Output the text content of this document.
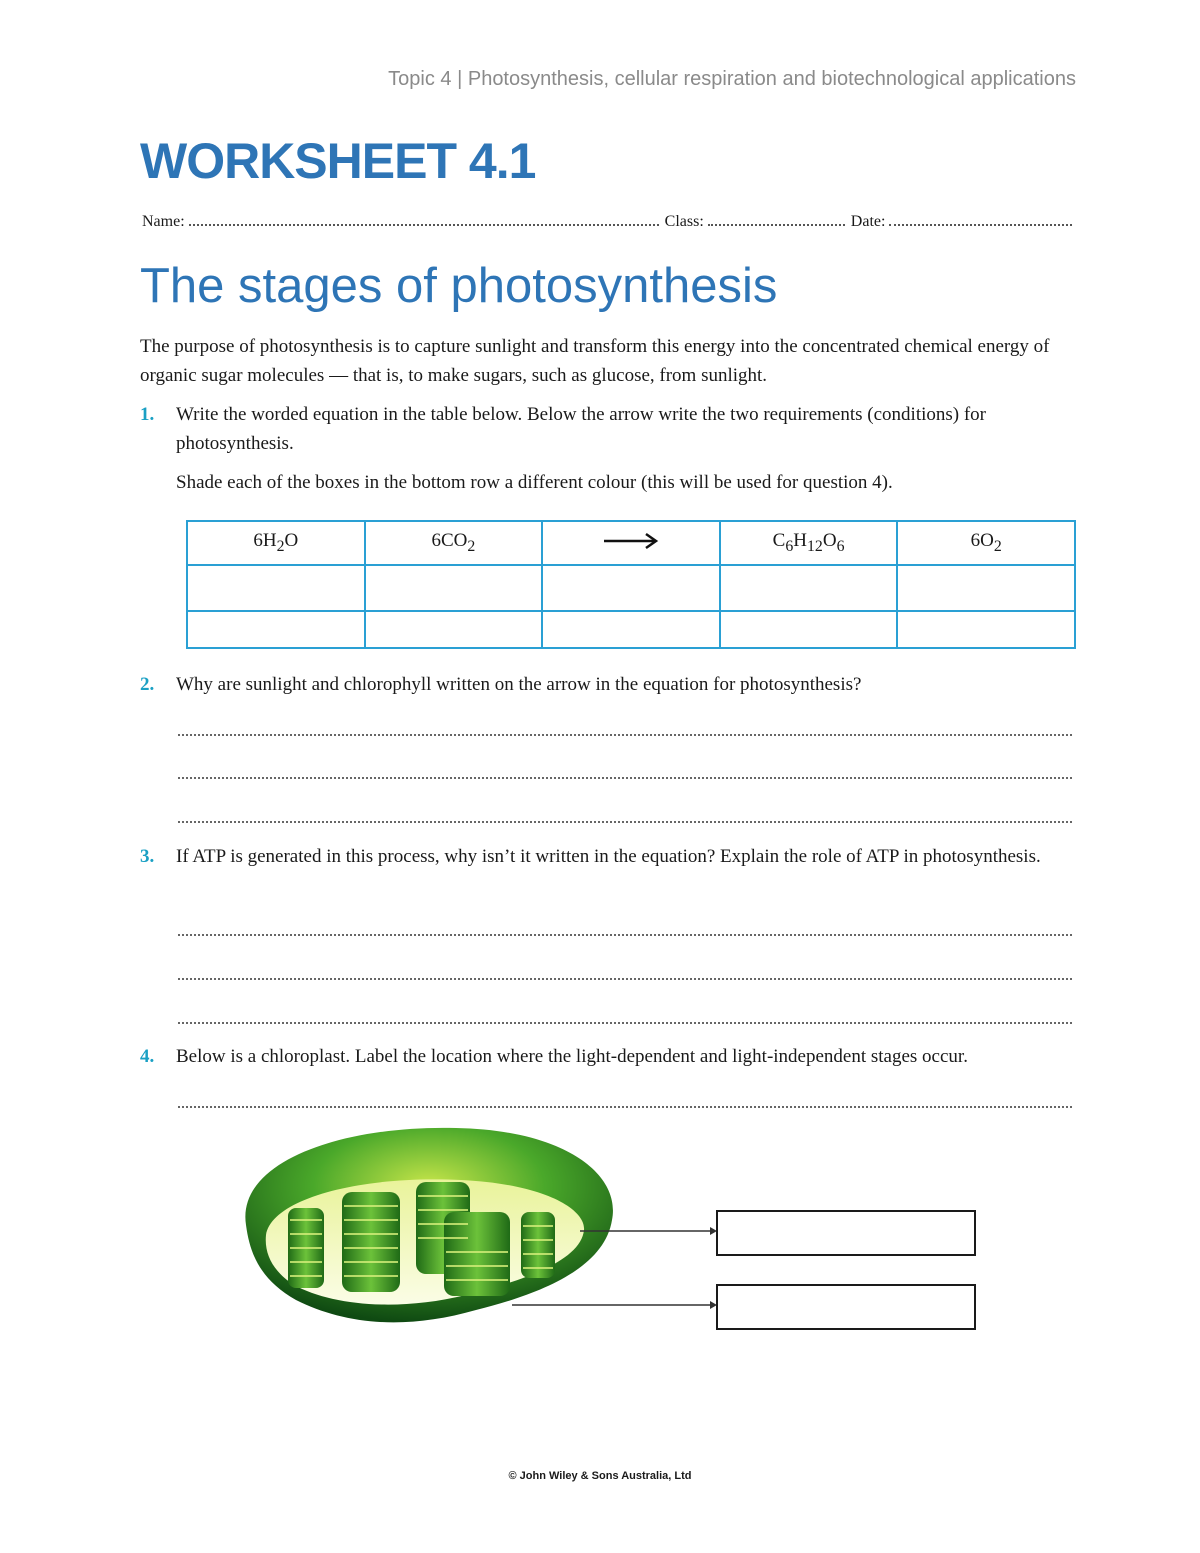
Topic 4 | Photosynthesis, cellular respiration and biotechnological applications
WORKSHEET 4.1
Name:	Class:	Date:
The stages of photosynthesis
The purpose of photosynthesis is to capture sunlight and transform this energy into the concentrated chemical energy of organic sugar molecules — that is, to make sugars, such as glucose, from sunlight.
1. Write the worded equation in the table below. Below the arrow write the two requirements (conditions) for photosynthesis.
Shade each of the boxes in the bottom row a different colour (this will be used for question 4).
$6H_2O$	$6CO_2$		$C_6H_{12}O_6$	$6O_2$

2. Why are sunlight and chlorophyll written on the arrow in the equation for photosynthesis?
3. If ATP is generated in this process, why isn’t it written in the equation? Explain the role of ATP in photosynthesis.
4. Below is a chloroplast. Label the location where the light-dependent and light-independent stages occur.
© John Wiley & Sons Australia, Ltd
